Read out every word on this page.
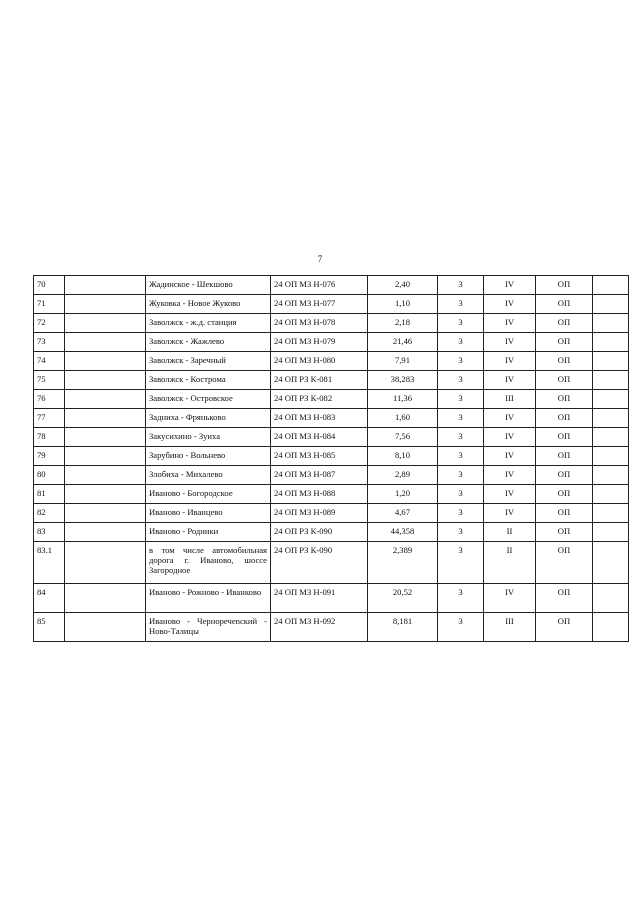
7
70		Жадинское - Шекшово	24 ОП МЗ Н-076	2,40	3	IV	ОП	
71		Жуковка - Новое Жуково	24 ОП МЗ Н-077	1,10	3	IV	ОП	
72		Заволжск - ж.д. станция	24 ОП МЗ Н-078	2,18	3	IV	ОП	
73		Заволжск - Жажлево	24 ОП МЗ Н-079	21,46	3	IV	ОП	
74		Заволжск - Заречный	24 ОП МЗ Н-080	7,91	3	IV	ОП	
75		Заволжск - Кострома	24 ОП РЗ К-081	38,283	3	IV	ОП	
76		Заволжск - Островское	24 ОП РЗ К-082	11,36	3	III	ОП	
77		Задниха - Фряньково	24 ОП МЗ Н-083	1,60	3	IV	ОП	
78		Закусихино - Зуиха	24 ОП МЗ Н-084	7,56	3	IV	ОП	
79		Зарубино - Вольнево	24 ОП МЗ Н-085	8,10	3	IV	ОП	
80		Злобиха - Михалево	24 ОП МЗ Н-087	2,89	3	IV	ОП	
81		Иваново - Богородское	24 ОП МЗ Н-088	1,20	3	IV	ОП	
82		Иваново - Иванцево	24 ОП МЗ Н-089	4,67	3	IV	ОП	
83		Иваново - Родники	24 ОП РЗ К-090	44,358	3	II	ОП	
83.1		в том числе автомобильная дорога г. Иваново, шоссе Загородное	24 ОП РЗ К-090	2,389	3	II	ОП	
84		Иваново - Рожново - Иванково	24 ОП МЗ Н-091	20,52	3	IV	ОП	
85		Иваново - Черноречenский - Ново-Талицы	24 ОП МЗ Н-092	8,181	3	III	ОП	
